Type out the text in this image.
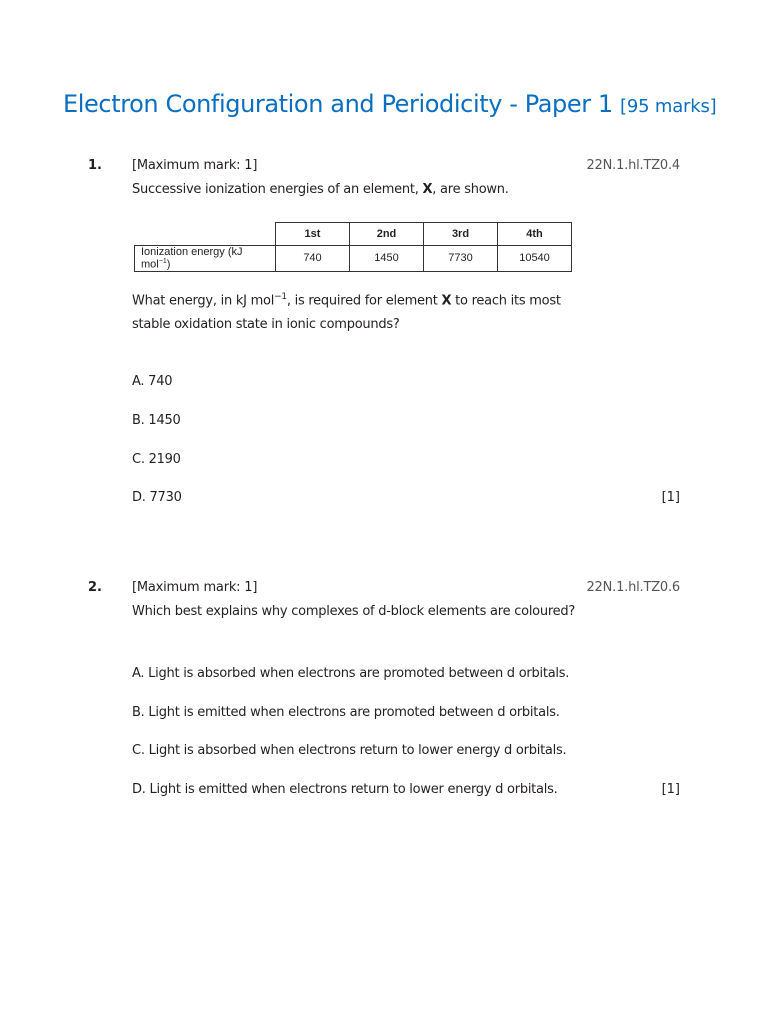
Electron Configuration and Periodicity - Paper 1 [95 marks]
1. [Maximum mark: 1]	22N.1.hl.TZ0.4
Successive ionization energies of an element, X, are shown.
	1st	2nd	3rd	4th
Ionization energy (kJ mol$^{-1}$)	740	1450	7730	10540
What energy, in kJ mol$^{-1}$, is required for element X to reach its most
stable oxidation state in ionic compounds?
A. 740
B. 1450
C. 2190
D. 7730	[1]
2. [Maximum mark: 1]	22N.1.hl.TZ0.6
Which best explains why complexes of d-block elements are coloured?
A. Light is absorbed when electrons are promoted between d orbitals.
B. Light is emitted when electrons are promoted between d orbitals.
C. Light is absorbed when electrons return to lower energy d orbitals.
D. Light is emitted when electrons return to lower energy d orbitals.	[1]
